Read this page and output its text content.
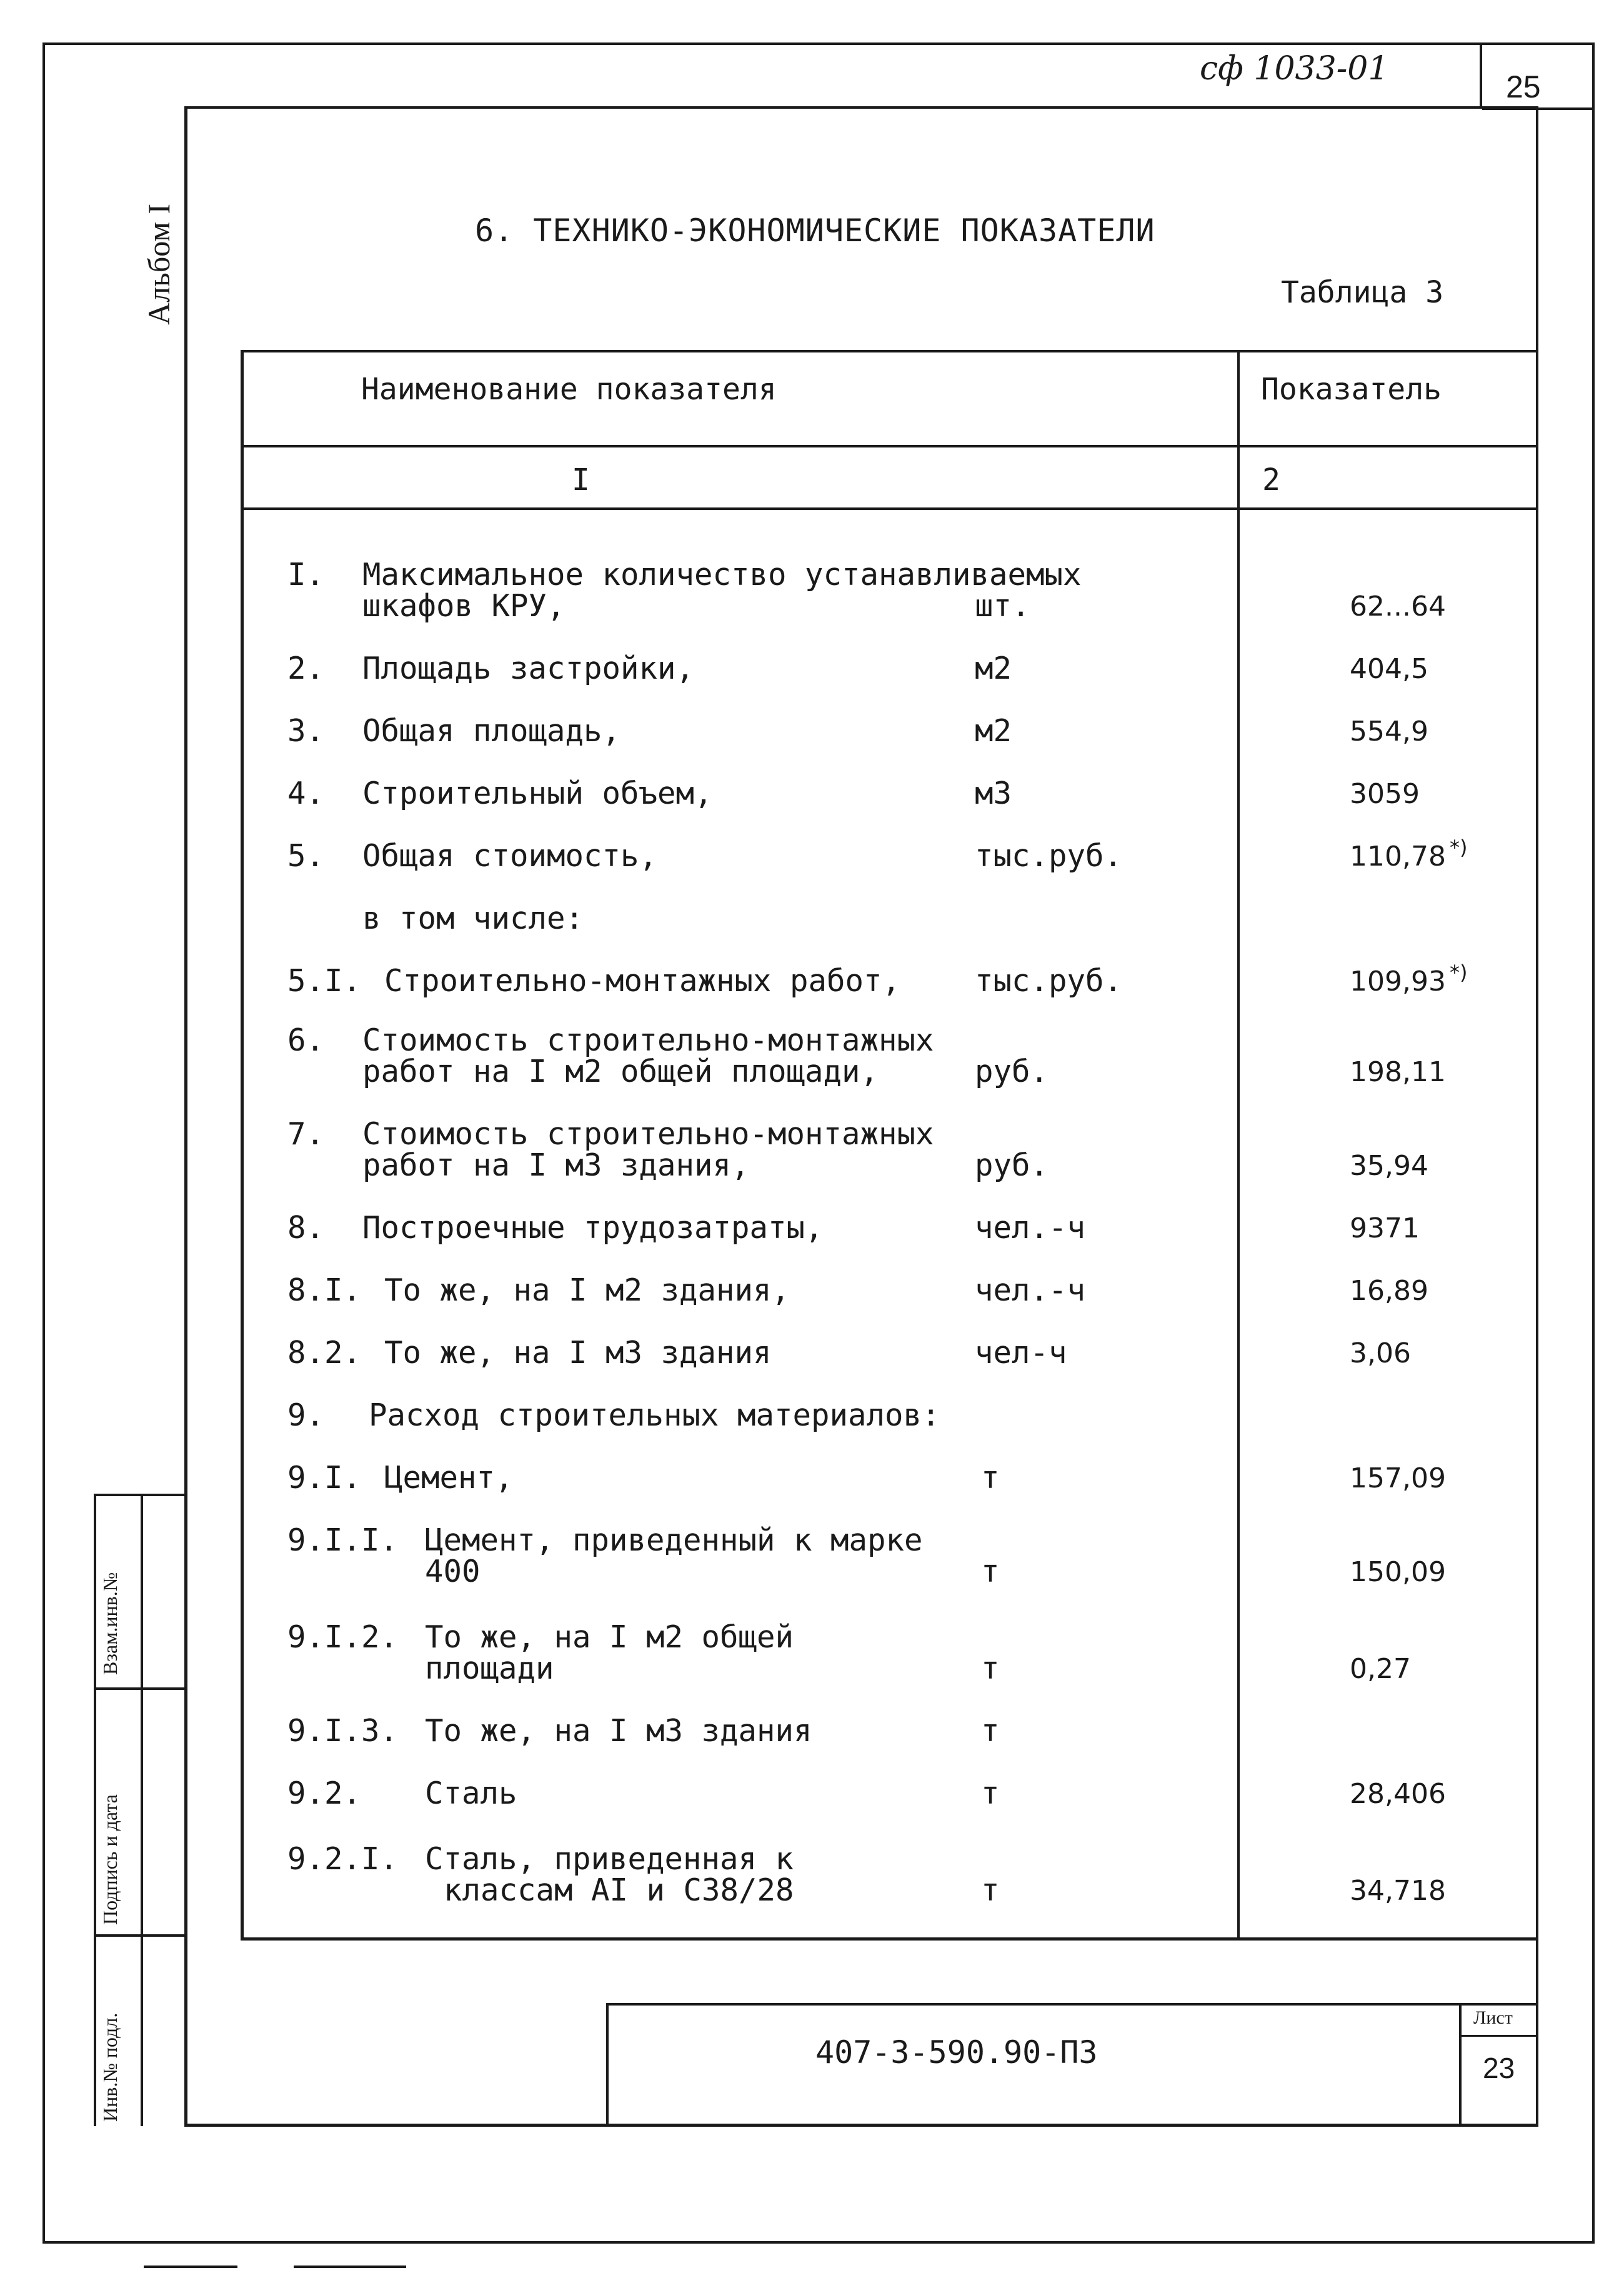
25
сф 1033-01
Альбом I	6. ТЕХНИКО-ЭКОНОМИЧЕСКИЕ ПОКАЗАТЕЛИ
Таблица 3
Наименование показателя	Показатель
I	2
I. Максимальное количество устанавливаемых
шкафов КРУ,	шт.	62...64
2. Площадь застройки,	м2	404,5
3. Общая площадь,	м2	554,9
4. Строительный объем,	м3	3059
5. Общая стоимость,	тыс.руб.	110,78 *)
в том числе:
5.I. Строительно-монтажных работ, тыс.руб.	109,93 *)
6. Стоимость строительно-монтажных
работ на I м2 общей площади,	руб.	198,11
7. Стоимость строительно-монтажных
работ на I м3 здания,	руб.	35,94
8. Построечные трудозатраты,	чел.-ч	9371
8.I. То же, на I м2 здания,	чел.-ч	16,89
8.2. То же, на I м3 здания	чел-ч	3,06
9. Расход строительных материалов:
9.I. Цемент,	т	157,09
9.I.I. Цемент, приведенный к марке
400	т	150,09
9.I.2. То же, на I м2 общей
площади	т	0,27
9.I.3. То же, на I м3 здания	т
9.2. Сталь	т	28,406
9.2.I. Сталь, приведенная к
классам АI и С38/28	т	34,718
Взам.инв.№
Подпись и дата
Инв.№ подл.	407-3-590.90-ПЗ
Лист
23
